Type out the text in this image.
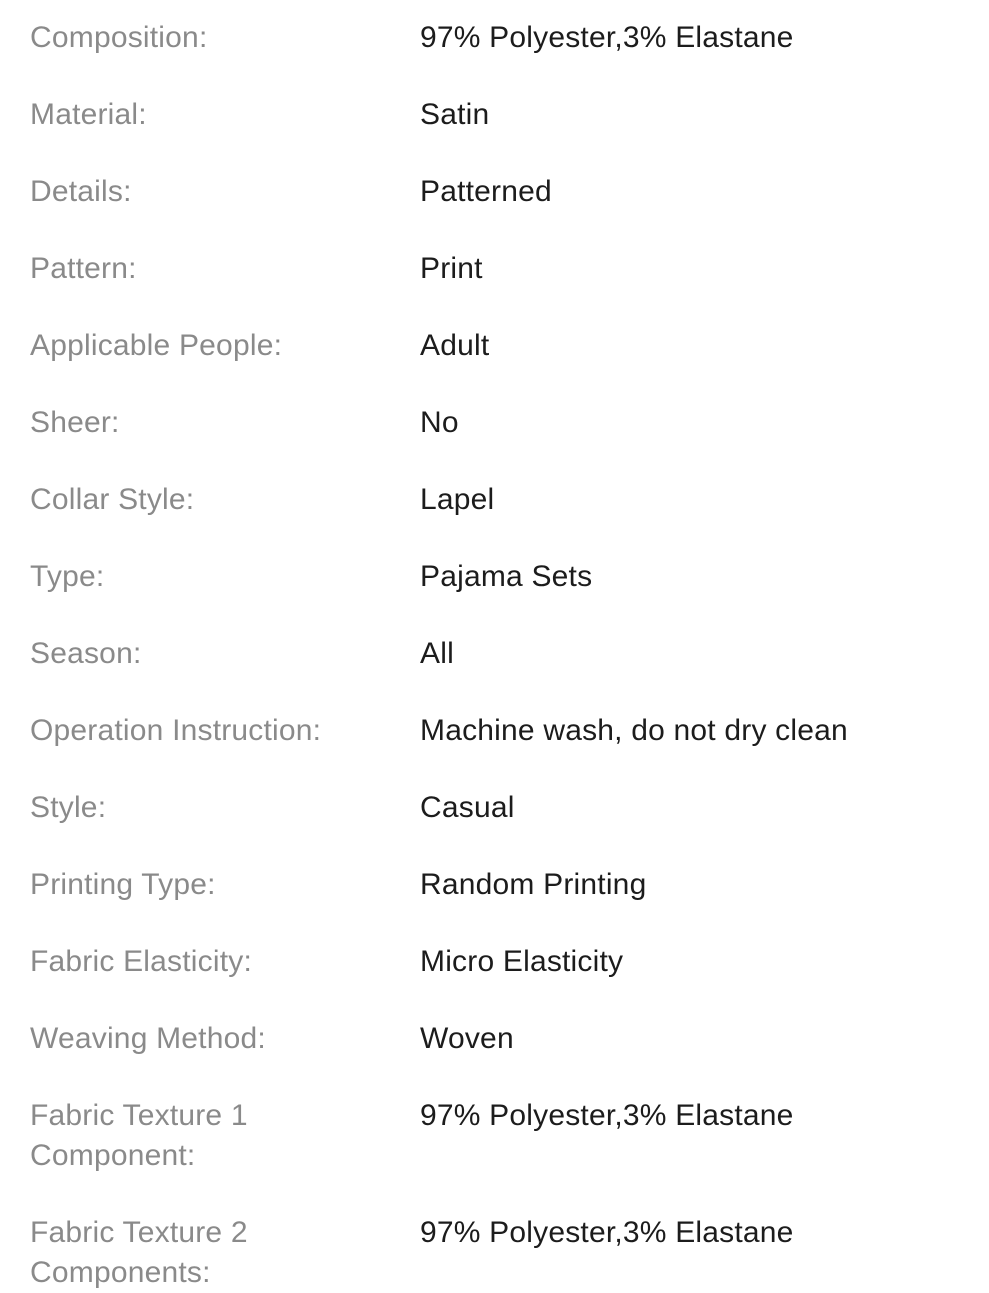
Composition:	97% Polyester,3% Elastane
Material:	Satin
Details:	Patterned
Pattern:	Print
Applicable People:	Adult
Sheer:	No
Collar Style:	Lapel
Type:	Pajama Sets
Season:	All
Operation Instruction:	Machine wash, do not dry clean
Style:	Casual
Printing Type:	Random Printing
Fabric Elasticity:	Micro Elasticity
Weaving Method:	Woven
Fabric Texture 1 Component:
97% Polyester,3% Elastane
Fabric Texture 2 Components:
97% Polyester,3% Elastane
